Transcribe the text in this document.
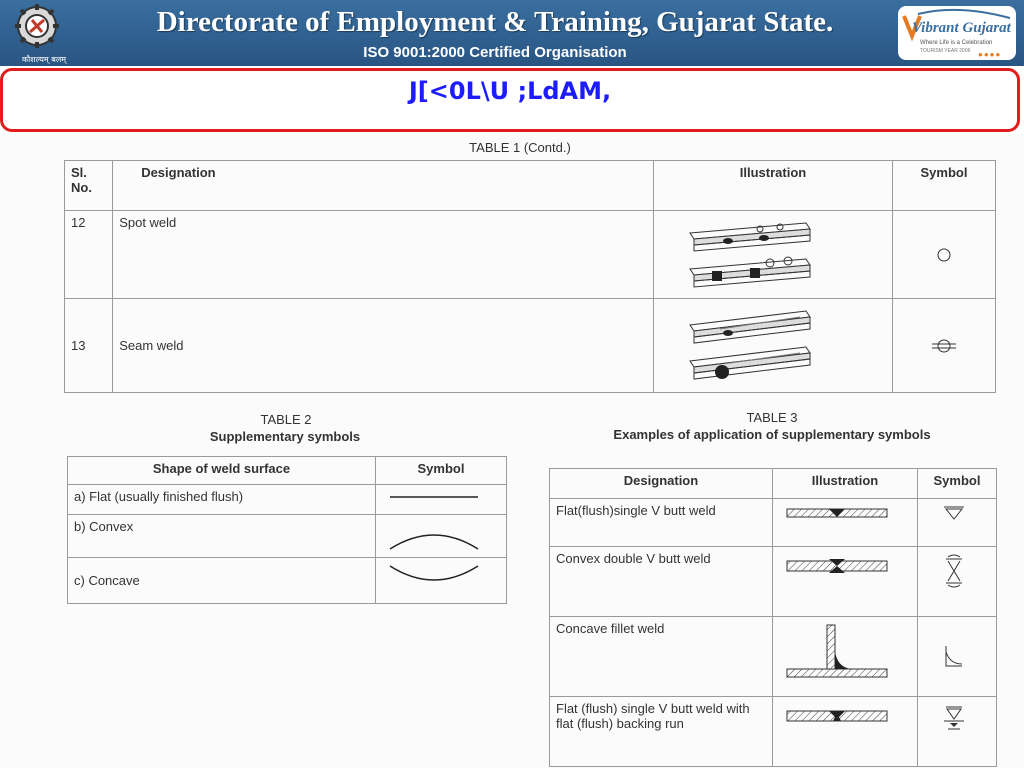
कौशल्यम् बलम्
Directorate of Employment & Training, Gujarat State.
ISO 9001:2000 Certified Organisation
Vibrant Gujarat
Where Life is a Celebration
TOURISM YEAR 2006 ●●●●
J[<0L\U ;LdAM,
TABLE 1 (Contd.)
Sl. No.	Designation	Illustration	Symbol
12	Spot weld	

13	Seam weld	

TABLE 2
Supplementary symbols
Shape of weld surface	Symbol
a) Flat (usually finished flush)	

b) Convex	

c) Concave	
TABLE 3
Examples of application of supplementary symbols
Designation	Illustration	Symbol
Flat(flush)single V butt weld	

Convex double V butt weld	

Concave fillet weld	

Flat (flush) single V butt weld with flat (flush) backing run	
